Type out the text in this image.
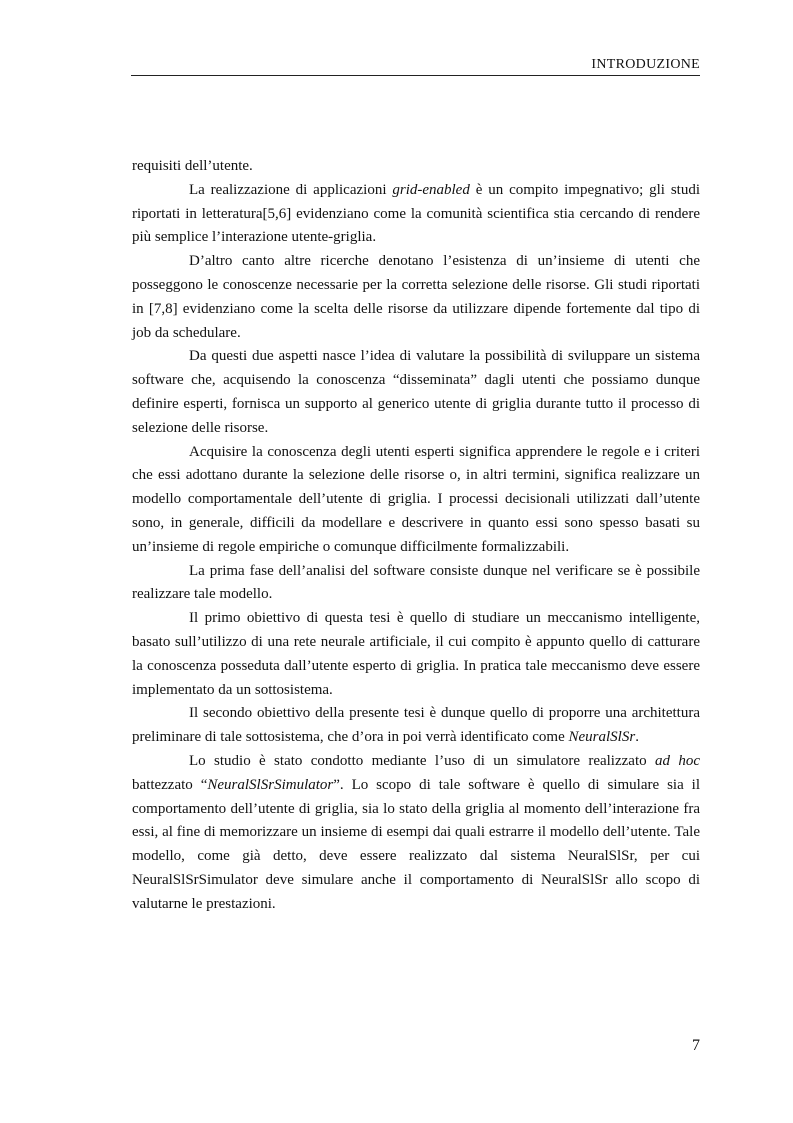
INTRODUZIONE

requisiti dell’utente.

La realizzazione di applicazioni grid-enabled è un compito impegnativo; gli studi riportati in letteratura[5,6] evidenziano come la comunità scientifica stia cercando di rendere più semplice l’interazione utente-griglia.

D’altro canto altre ricerche denotano l’esistenza di un’insieme di utenti che posseggono le conoscenze necessarie per la corretta selezione delle risorse. Gli studi riportati in [7,8] evidenziano come la scelta delle risorse da utilizzare dipende fortemente dal tipo di job da schedulare.

Da questi due aspetti nasce l’idea di valutare la possibilità di sviluppare un sistema software che, acquisendo la conoscenza “disseminata” dagli utenti che possiamo dunque definire esperti, fornisca un supporto al generico utente di griglia durante tutto il processo di selezione delle risorse.

Acquisire la conoscenza degli utenti esperti significa apprendere le regole e i criteri che essi adottano durante la selezione delle risorse o, in altri termini, significa realizzare un modello comportamentale dell’utente di griglia. I processi decisionali utilizzati dall’utente sono, in generale, difficili da modellare e descrivere in quanto essi sono spesso basati su un’insieme di regole empiriche o comunque difficilmente formalizzabili.

La prima fase dell’analisi del software consiste dunque nel verificare se è possibile realizzare tale modello.

Il primo obiettivo di questa tesi è quello di studiare un meccanismo intelligente, basato sull’utilizzo di una rete neurale artificiale, il cui compito è appunto quello di catturare la conoscenza posseduta dall’utente esperto di griglia. In pratica tale meccanismo deve essere implementato da un sottosistema.

Il secondo obiettivo della presente tesi è dunque quello di proporre una architettura preliminare di tale sottosistema, che d’ora in poi verrà identificato come NeuralSlSr.

Lo studio è stato condotto mediante l’uso di un simulatore realizzato ad hoc battezzato “NeuralSlSrSimulator”. Lo scopo di tale software è quello di simulare sia il comportamento dell’utente di griglia, sia lo stato della griglia al momento dell’interazione fra essi, al fine di memorizzare un insieme di esempi dai quali estrarre il modello dell’utente. Tale modello, come già detto, deve essere realizzato dal sistema NeuralSlSr, per cui NeuralSlSrSimulator deve simulare anche il comportamento di NeuralSlSr allo scopo di valutarne le prestazioni.

7
